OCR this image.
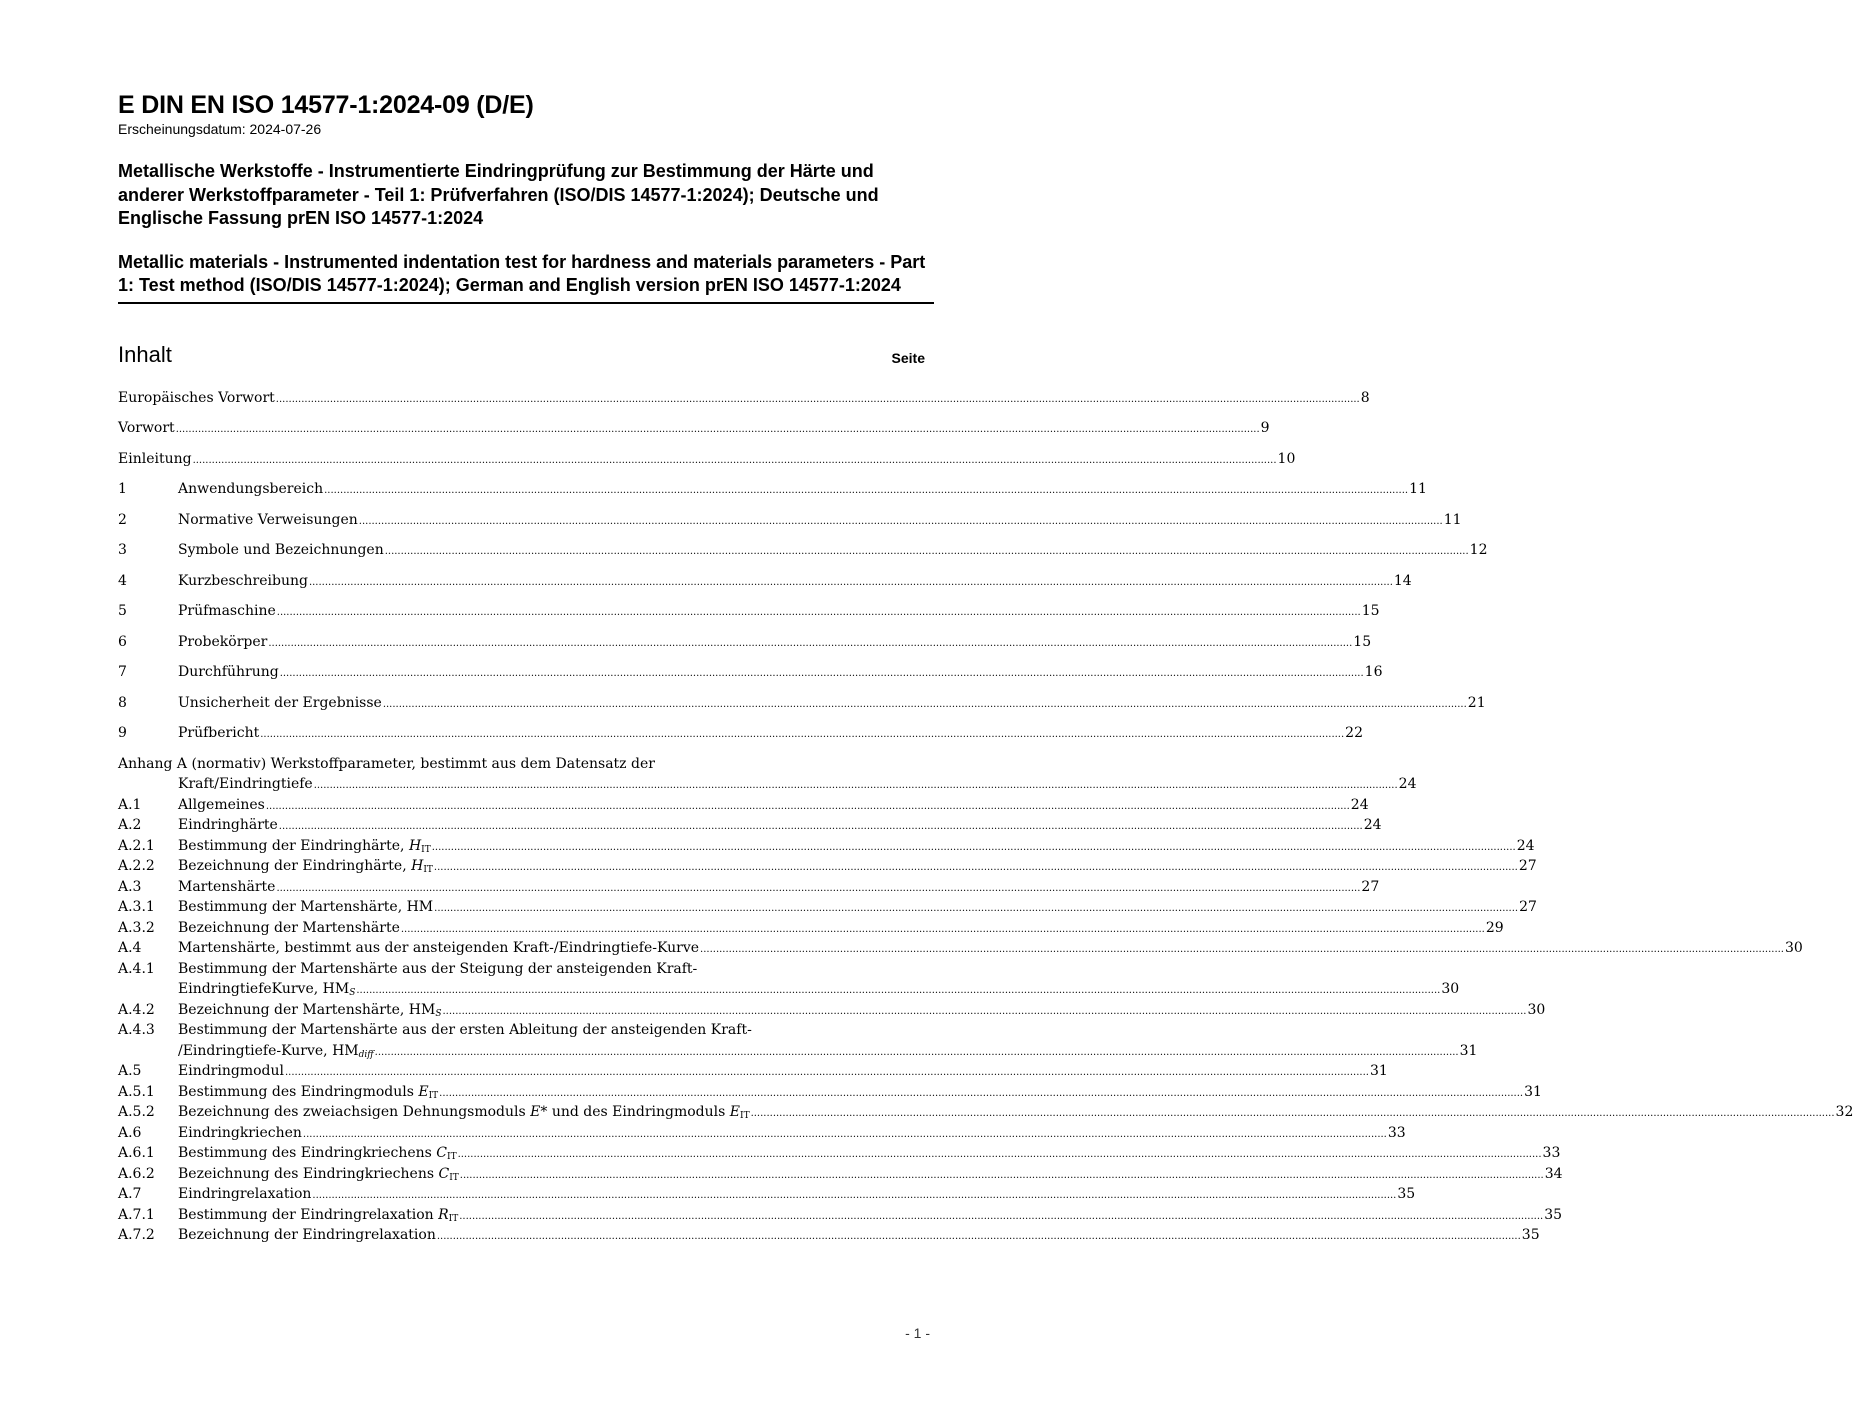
E DIN EN ISO 14577-1:2024-09 (D/E)
Erscheinungsdatum: 2024-07-26
Metallische Werkstoffe - Instrumentierte Eindringprüfung zur Bestimmung der Härte und anderer Werkstoffparameter - Teil 1: Prüfverfahren (ISO/DIS 14577-1:2024); Deutsche und Englische Fassung prEN ISO 14577-1:2024
Metallic materials - Instrumented indentation test for hardness and materials parameters - Part 1: Test method (ISO/DIS 14577-1:2024); German and English version prEN ISO 14577-1:2024
Inhalt	Seite
Europäisches Vorwort .....	8
Vorwort .....	9
Einleitung .....	10
1	Anwendungsbereich .....	11
2	Normative Verweisungen .....	11
3	Symbole und Bezeichnungen .....	12
4	Kurzbeschreibung .....	14
5	Prüfmaschine .....	15
6	Probekörper .....	15
7	Durchführung .....	16
8	Unsicherheit der Ergebnisse .....	21
9	Prüfbericht .....	22
Anhang A (normativ) Werkstoffparameter, bestimmt aus dem Datensatz der
Kraft/Eindringtiefe .....	24
A.1	Allgemeines .....	24
A.2	Eindringhärte .....	24
A.2.1	Bestimmung der Eindringhärte, $H_{IT}$ .....	24
A.2.2	Bezeichnung der Eindringhärte, $H_{IT}$ .....	27
A.3	Martenshärte .....	27
A.3.1	Bestimmung der Martenshärte, HM .....	27
A.3.2	Bezeichnung der Martenshärte .....	29
A.4	Martenshärte, bestimmt aus der ansteigenden Kraft-/Eindringtiefe-Kurve .....	30
A.4.1	Bestimmung der Martenshärte aus der Steigung der ansteigenden Kraft-
EindringtiefeKurve, $HM_S$ .....	30
A.4.2	Bezeichnung der Martenshärte, $HM_S$ .....	30
A.4.3	Bestimmung der Martenshärte aus der ersten Ableitung der ansteigenden Kraft-
/Eindringtiefe-Kurve, $HM_{diff}$ .....	31
A.5	Eindringmodul .....	31
A.5.1	Bestimmung des Eindringmoduls $E_{IT}$ .....	31
A.5.2	Bezeichnung des zweiachsigen Dehnungsmoduls E* und des Eindringmoduls $E_{IT}$ .....	32
A.6	Eindringkriechen .....	33
A.6.1	Bestimmung des Eindringkriechens $C_{IT}$ .....	33
A.6.2	Bezeichnung des Eindringkriechens $C_{IT}$ .....	34
A.7	Eindringrelaxation .....	35
A.7.1	Bestimmung der Eindringrelaxation $R_{IT}$ .....	35
A.7.2	Bezeichnung der Eindringrelaxation .....	35
- 1 -
